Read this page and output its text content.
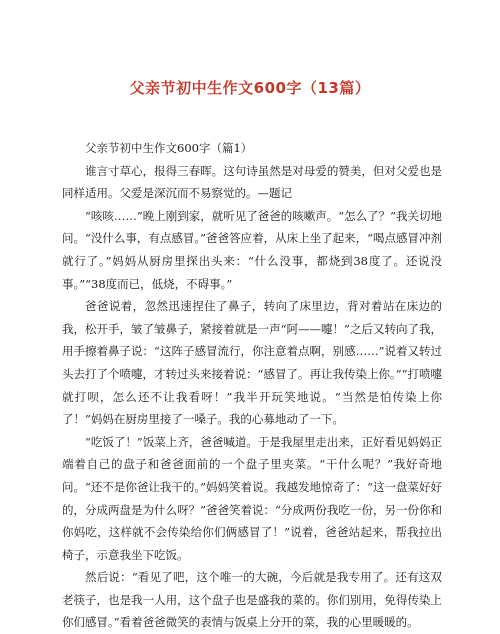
父亲节初中生作文600字（13篇）

父亲节初中生作文600字（篇1）

谁言寸草心，报得三春晖。这句诗虽然是对母爱的赞美，但对父爱也是同样适用。父爱是深沉而不易察觉的。—题记

“咳咳……”晚上刚到家，就听见了爸爸的咳嗽声。“怎么了？”我关切地问。“没什么事，有点感冒。”爸爸答应着，从床上坐了起来，“喝点感冒冲剂就行了。”妈妈从厨房里探出头来：“什么没事，都烧到38度了。还说没事。”“38度而已，低烧，不碍事。”

爸爸说着，忽然迅速捏住了鼻子，转向了床里边，背对着站在床边的我，松开手，皱了皱鼻子，紧接着就是一声“阿——嚏！”之后又转向了我，用手擦着鼻子说：“这阵子感冒流行，你注意着点啊，别感……”说着又转过头去打了个喷嚏，才转过头来接着说：“感冒了。再让我传染上你。”“打喷嚏就打呗，怎么还不让我看呀！”我半开玩笑地说。“当然是怕传染上你了！”妈妈在厨房里接了一嗓子。我的心募地动了一下。

“吃饭了！”饭菜上齐，爸爸喊道。于是我屋里走出来，正好看见妈妈正端着自己的盘子和爸爸面前的一个盘子里夹菜。“干什么呢？”我好奇地问。“还不是你爸让我干的。”妈妈笑着说。我越发地惊奇了：“这一盘菜好好的，分成两盘是为什么呀？”爸爸笑着说：“分成两份我吃一份，另一份你和你妈吃，这样就不会传染给你们俩感冒了！”说着，爸爸站起来，帮我拉出椅子，示意我坐下吃饭。

然后说：“看见了吧，这个唯一的大碗，今后就是我专用了。还有这双老筷子，也是我一人用，这个盘子也是盛我的菜的。你们别用，免得传染上你们感冒。”看着爸爸微笑的表情与饭桌上分开的菜，我的心里暖暖的。
